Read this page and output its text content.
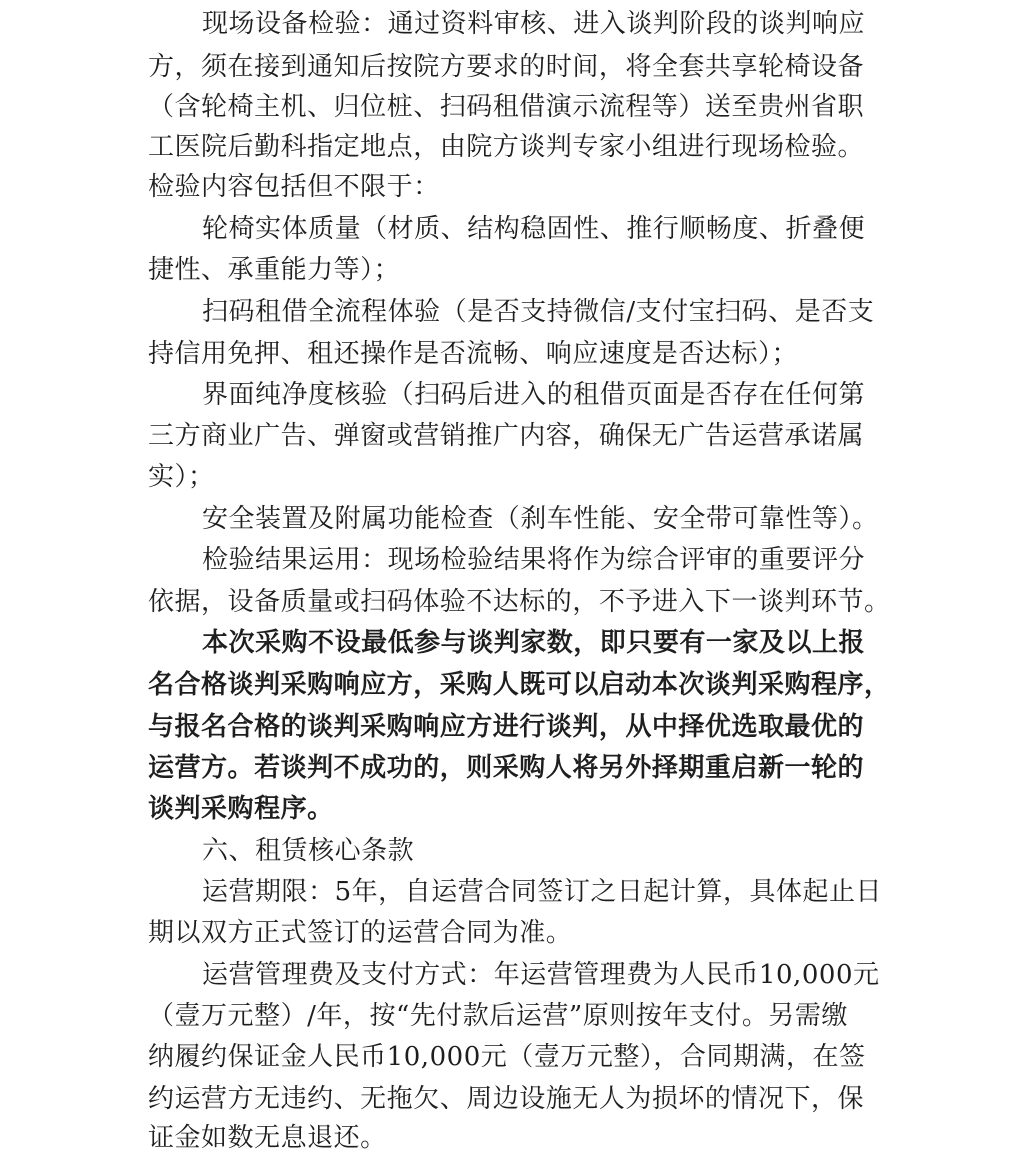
现场设备检验：通过资料审核、进入谈判阶段的谈判响应
方，须在接到通知后按院方要求的时间，将全套共享轮椅设备
（含轮椅主机、归位桩、扫码租借演示流程等）送至贵州省职
工医院后勤科指定地点，由院方谈判专家小组进行现场检验。
检验内容包括但不限于：
轮椅实体质量（材质、结构稳固性、推行顺畅度、折叠便
捷性、承重能力等）；
扫码租借全流程体验（是否支持微信/支付宝扫码、是否支
持信用免押、租还操作是否流畅、响应速度是否达标）；
界面纯净度核验（扫码后进入的租借页面是否存在任何第
三方商业广告、弹窗或营销推广内容，确保无广告运营承诺属
实）；
安全装置及附属功能检查（刹车性能、安全带可靠性等）。
检验结果运用：现场检验结果将作为综合评审的重要评分
依据，设备质量或扫码体验不达标的，不予进入下一谈判环节。
本次采购不设最低参与谈判家数，即只要有一家及以上报
名合格谈判采购响应方，采购人既可以启动本次谈判采购程序，
与报名合格的谈判采购响应方进行谈判，从中择优选取最优的
运营方。若谈判不成功的，则采购人将另外择期重启新一轮的
谈判采购程序。
六、租赁核心条款
运营期限：5年，自运营合同签订之日起计算，具体起止日
期以双方正式签订的运营合同为准。
运营管理费及支付方式：年运营管理费为人民币10,000元
（壹万元整）/年，按“先付款后运营”原则按年支付。另需缴
纳履约保证金人民币10,000元（壹万元整），合同期满，在签
约运营方无违约、无拖欠、周边设施无人为损坏的情况下，保
证金如数无息退还。
